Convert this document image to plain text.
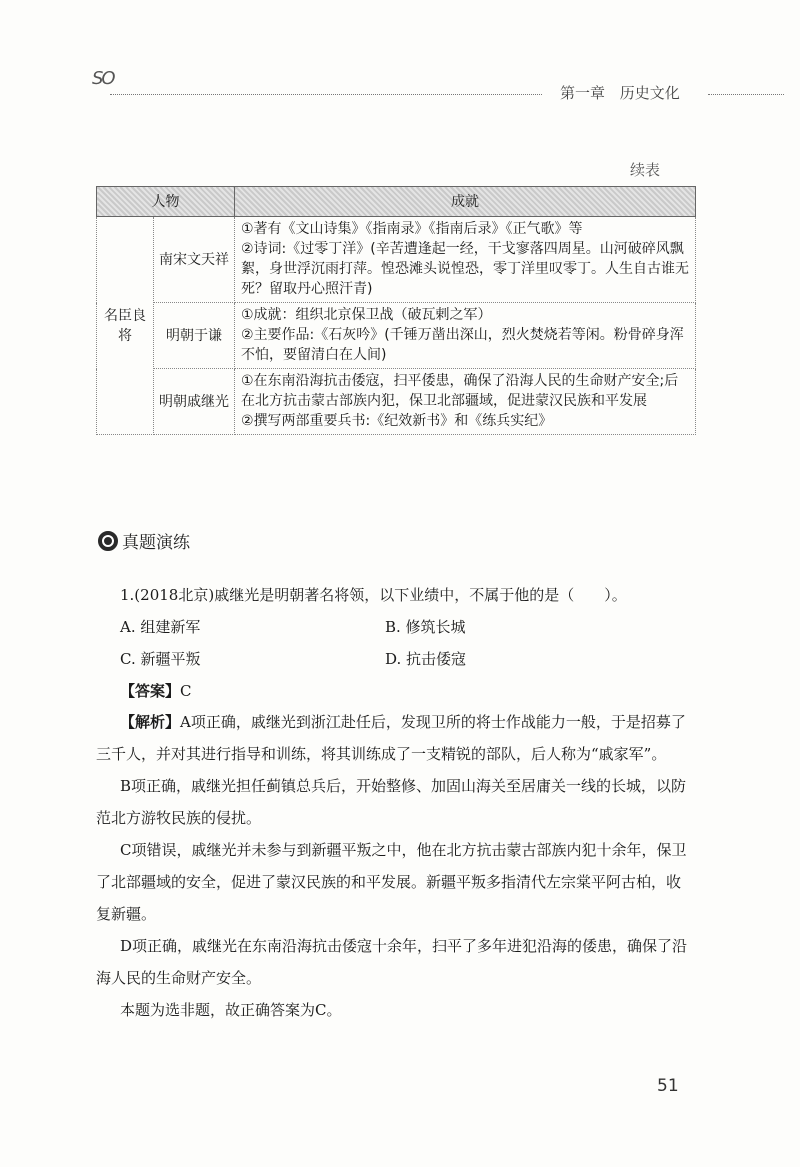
SO
第一章 历史文化
续表
人物		成就
名臣良将	南宋文天祥	①著有《文山诗集》《指南录》《指南后录》《正气歌》等

②诗词:《过零丁洋》(辛苦遭逢起一经，干戈寥落四周星。山河破碎风飘絮，身世浮沉雨打萍。惶恐滩头说惶恐，零丁洋里叹零丁。人生自古谁无死？留取丹心照汗青)

	明朝于谦	①成就：组织北京保卫战（破瓦剌之军）

②主要作品:《石灰吟》(千锤万凿出深山，烈火焚烧若等闲。粉骨碎身浑不怕，要留清白在人间)

	明朝戚继光	①在东南沿海抗击倭寇，扫平倭患，确保了沿海人民的生命财产安全;后在北方抗击蒙古部族内犯，保卫北部疆域，促进蒙汉民族和平发展

②撰写两部重要兵书:《纪效新书》和《练兵实纪》

真题演练
1.(2018北京)戚继光是明朝著名将领，以下业绩中，不属于他的是（　　）。
A. 组建新军	B. 修筑长城
C. 新疆平叛	D. 抗击倭寇
【答案】C

【解析】A项正确，戚继光到浙江赴任后，发现卫所的将士作战能力一般，于是招募了三千人，并对其进行指导和训练，将其训练成了一支精锐的部队，后人称为“戚家军”。

B项正确，戚继光担任蓟镇总兵后，开始整修、加固山海关至居庸关一线的长城，以防范北方游牧民族的侵扰。

C项错误，戚继光并未参与到新疆平叛之中，他在北方抗击蒙古部族内犯十余年，保卫了北部疆域的安全，促进了蒙汉民族的和平发展。新疆平叛多指清代左宗棠平阿古柏，收复新疆。

D项正确，戚继光在东南沿海抗击倭寇十余年，扫平了多年进犯沿海的倭患，确保了沿海人民的生命财产安全。

本题为选非题，故正确答案为C。

51
